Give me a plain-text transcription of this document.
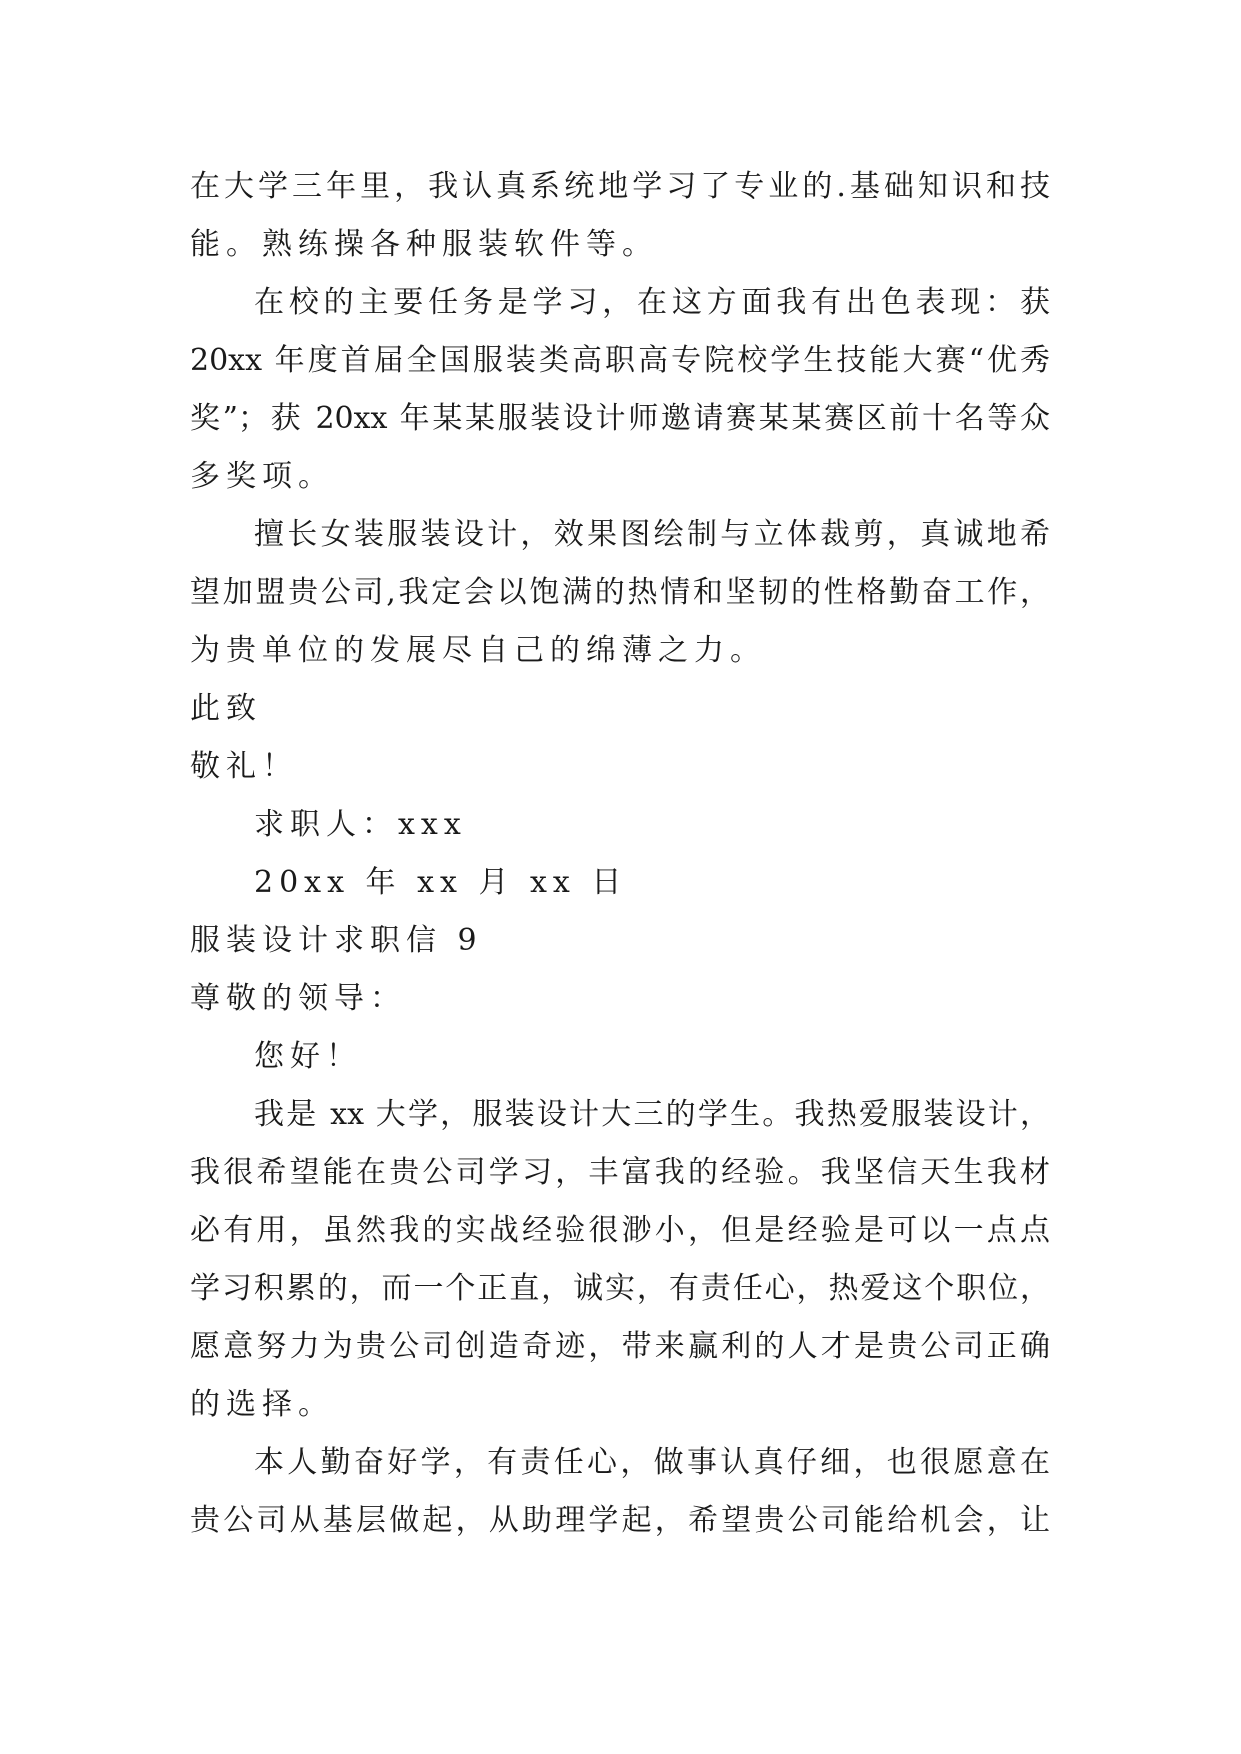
在大学三年里，我认真系统地学习了专业的.基础知识和技
能。熟练操各种服装软件等。
在校的主要任务是学习，在这方面我有出色表现：获
20xx 年度首届全国服装类高职高专院校学生技能大赛“优秀
奖”；获 20xx 年某某服装设计师邀请赛某某赛区前十名等众
多奖项。
擅长女装服装设计，效果图绘制与立体裁剪，真诚地希
望加盟贵公司,我定会以饱满的热情和坚韧的性格勤奋工作，
为贵单位的发展尽自己的绵薄之力。
此致
敬礼！
求职人：xxx
20xx 年 xx 月 xx 日
服装设计求职信 9
尊敬的领导：
您好！
我是 xx 大学，服装设计大三的学生。我热爱服装设计，
我很希望能在贵公司学习，丰富我的经验。我坚信天生我材
必有用，虽然我的实战经验很渺小，但是经验是可以一点点
学习积累的，而一个正直，诚实，有责任心，热爱这个职位，
愿意努力为贵公司创造奇迹，带来赢利的人才是贵公司正确
的选择。
本人勤奋好学，有责任心，做事认真仔细，也很愿意在
贵公司从基层做起，从助理学起，希望贵公司能给机会，让
